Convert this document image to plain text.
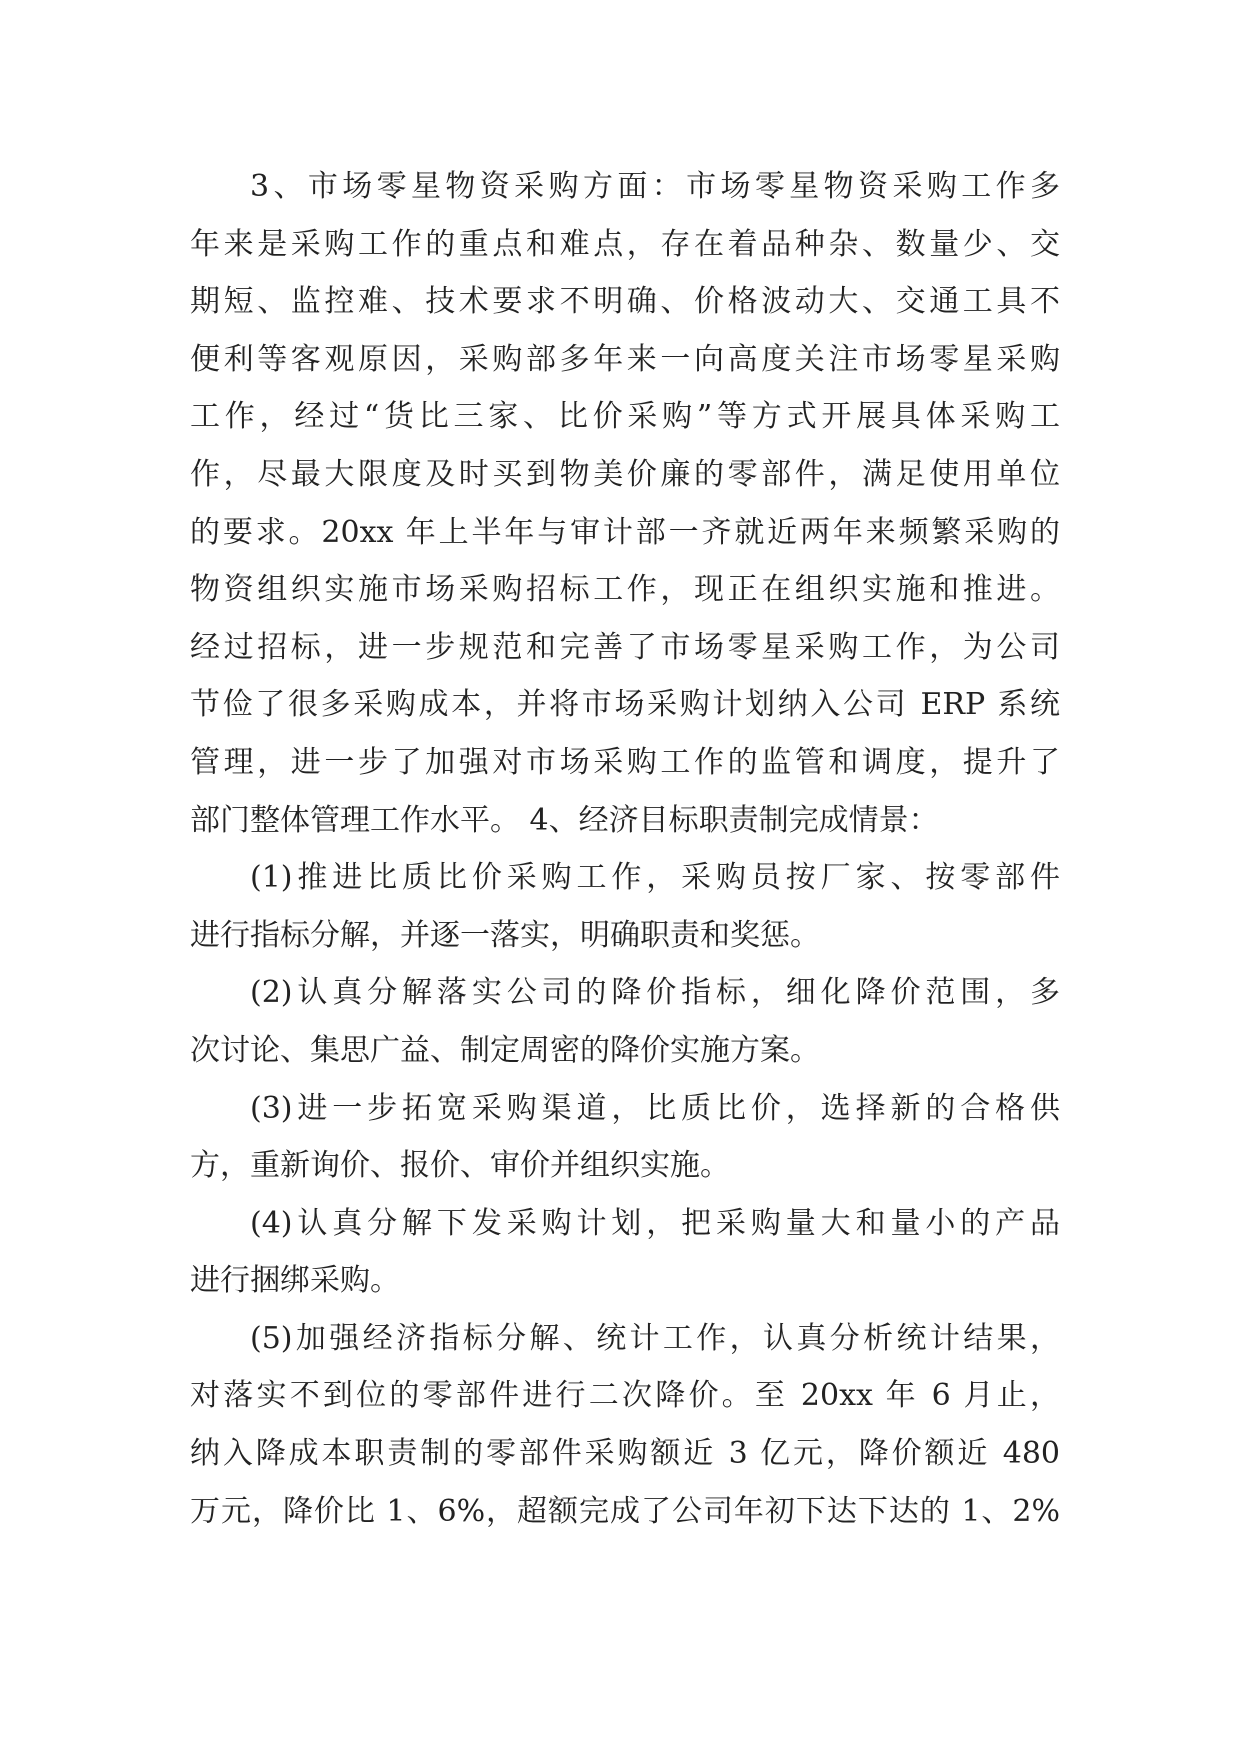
3、市场零星物资采购方面：市场零星物资采购工作多
年来是采购工作的重点和难点，存在着品种杂、数量少、交
期短、监控难、技术要求不明确、价格波动大、交通工具不
便利等客观原因，采购部多年来一向高度关注市场零星采购
工作，经过“货比三家、比价采购”等方式开展具体采购工
作，尽最大限度及时买到物美价廉的零部件，满足使用单位
的要求。20xx 年上半年与审计部一齐就近两年来频繁采购的
物资组织实施市场采购招标工作，现正在组织实施和推进。
经过招标，进一步规范和完善了市场零星采购工作，为公司
节俭了很多采购成本，并将市场采购计划纳入公司 ERP 系统
管理，进一步了加强对市场采购工作的监管和调度，提升了
部门整体管理工作水平。 4、经济目标职责制完成情景：
(1)推进比质比价采购工作，采购员按厂家、按零部件
进行指标分解，并逐一落实，明确职责和奖惩。
(2)认真分解落实公司的降价指标，细化降价范围，多
次讨论、集思广益、制定周密的降价实施方案。
(3)进一步拓宽采购渠道，比质比价，选择新的合格供
方，重新询价、报价、审价并组织实施。
(4)认真分解下发采购计划，把采购量大和量小的产品
进行捆绑采购。
(5)加强经济指标分解、统计工作，认真分析统计结果，
对落实不到位的零部件进行二次降价。至 20xx 年 6 月止，
纳入降成本职责制的零部件采购额近 3 亿元，降价额近 480
万元，降价比 1、6%，超额完成了公司年初下达下达的 1、2%
